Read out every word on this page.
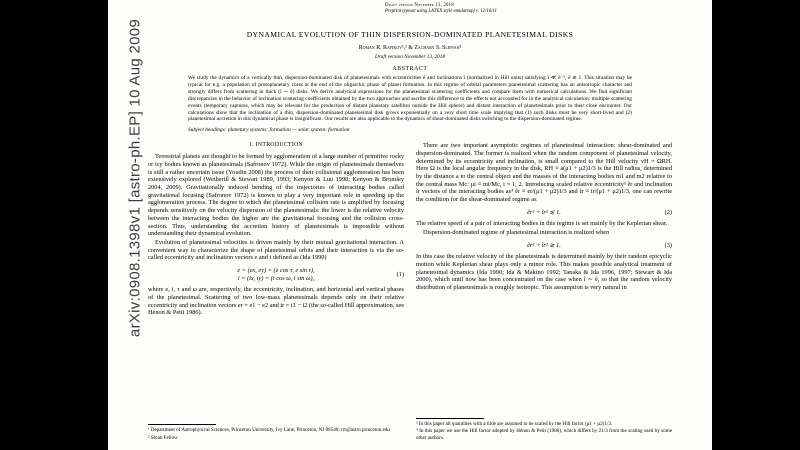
arXiv:0908.1398v1 [astro-ph.EP] 10 Aug 2009
Draft version November 13, 2018
Preprint typeset using LATEX style emulateapj v. 12/16/11
DYNAMICAL EVOLUTION OF THIN DISPERSION-DOMINATED PLANETESIMAL DISKS
Roman R. Rafikov¹,² & Zachary S. Slepian³
Draft version November 13, 2018
ABSTRACT

We study the dynamics of a vertically thin, dispersion-dominated disk of planetesimals with eccentricities ẽ and inclinations ĩ (normalized in Hill units) satisfying ĩ ≪ ẽ⁻², ẽ ≳ 1. This situation may be typical for e.g. a population of protoplanetary cores at the end of the oligarchic phase of planet formation. In this regime of orbital parameters planetesimal scattering has an anisotropic character and strongly differs from scattering in thick (ĩ ∼ ẽ) disks. We derive analytical expressions for the planetesimal scattering coefficients and compare them with numerical calculations. We find significant discrepancies in the behavior of inclination scattering coefficients obtained by the two approaches and ascribe this difference to the effects not accounted for in the analytical calculation: multiple scattering events (temporary captures, which may be relevant for the production of distant planetary satellites outside the Hill sphere) and distant interaction of planetesimals prior to their close encounter. Our calculations show that the inclination of a thin, dispersion-dominated planetesimal disk grows exponentially on a very short time scale implying that (1) such disks must be very short-lived and (2) planetesimal accretion in this dynamical phase is insignificant. Our results are also applicable to the dynamics of shear-dominated disks switching to the dispersion-dominated regime.

Subject headings: planetary systems: formation — solar system: formation
1. INTRODUCTION

Terrestrial planets are thought to be formed by agglomeration of a large number of primitive rocky or icy bodies known as planetesimals (Safronov 1972). While the origin of planetesimals themselves is still a rather uncertain issue (Youdin 2008) the process of their collisional agglomeration has been extensively explored (Wetherill & Stewart 1989, 1993; Kenyon & Luu 1998; Kenyon & Bromley 2004, 2009). Gravitationally induced bending of the trajectories of interacting bodies called gravitational focusing (Safronov 1972) is known to play a very important role in speeding up the agglomeration process. The degree to which the planetesimal collision rate is amplified by focusing depends sensitively on the velocity dispersion of the planetesimals: the lower is the relative velocity between the interacting bodies the higher are the gravitational focusing and the collision cross-section. Thus, understanding the accretion history of planetesimals is impossible without understanding their dynamical evolution.

Evolution of planetesimal velocities is driven mainly by their mutual gravitational interaction. A convenient way to characterize the shape of planetesimal orbits and their interaction is via the so-called eccentricity and inclination vectors e and i defined as (Ida 1990)

e = (ex, ey) = (e cos τ, e sin τ),
i = (ix, iy) = (i cos ω, i sin ω),
(1)

where e, i, τ and ω are, respectively, the eccentricity, inclination, and horizontal and vertical phases of the planetesimal. Scattering of two low-mass planetesimals depends only on their relative eccentricity and inclination vectors er = e1 − e2 and ir = i1 − i2 (the so-called Hill approximation, see Hénon & Petit 1986).

¹ Department of Astrophysical Sciences, Princeton University, Ivy Lane, Princeton, NJ 08540; rrr@astro.princeton.edu

² Sloan Fellow

There are two important asymptotic regimes of planetesimal interaction: shear-dominated and dispersion-dominated. The former is realized when the random component of planetesimal velocity, determined by its eccentricity and inclination, is small compared to the Hill velocity vH = ΩRH. Here Ω is the local angular frequency in the disk, RH ≡ a(μ1 + μ2)1/3 is the Hill radius, determined by the distance a to the central object and the masses of the interacting bodies m1 and m2 relative to the central mass Mc: μi ≡ mi/Mc, i = 1, 2. Introducing scaled relative eccentricity³ ẽr and inclination ĩr vectors of the interacting bodies as⁴ ẽr ≡ er/(μ1 + μ2)1/3 and ĩr ≡ ir/(μ1 + μ2)1/3, one can rewrite the condition for the shear-dominated regime as

ẽr² + ĩr² ≲ 1.	(2)

The relative speed of a pair of interacting bodies in this regime is set mainly by the Keplerian shear.

Dispersion-dominated regime of planetesimal interaction is realized when

ẽr² + ĩr² ≳ 1.	(3)

In this case the relative velocity of the planetesimals is determined mainly by their random epicyclic motion while Keplerian shear plays only a minor role. This makes possible analytical treatment of planetesimal dynamics (Ida 1990; Ida & Makino 1992; Tanaka & Ida 1996, 1997; Stewart & Ida 2000), which until now has been concentrated on the case when ĩ ∼ ẽ, so that the random velocity distribution of planetesimals is roughly isotropic. This assumption is very natural in

³ In this paper all quantities with a tilde are assumed to be scaled by the Hill factor (μ1 + μ2)1/3.

⁴ In this paper we use the Hill factor adopted by Hénon & Petit (1986), which differs by 21/3 from the scaling used by some other authors.
